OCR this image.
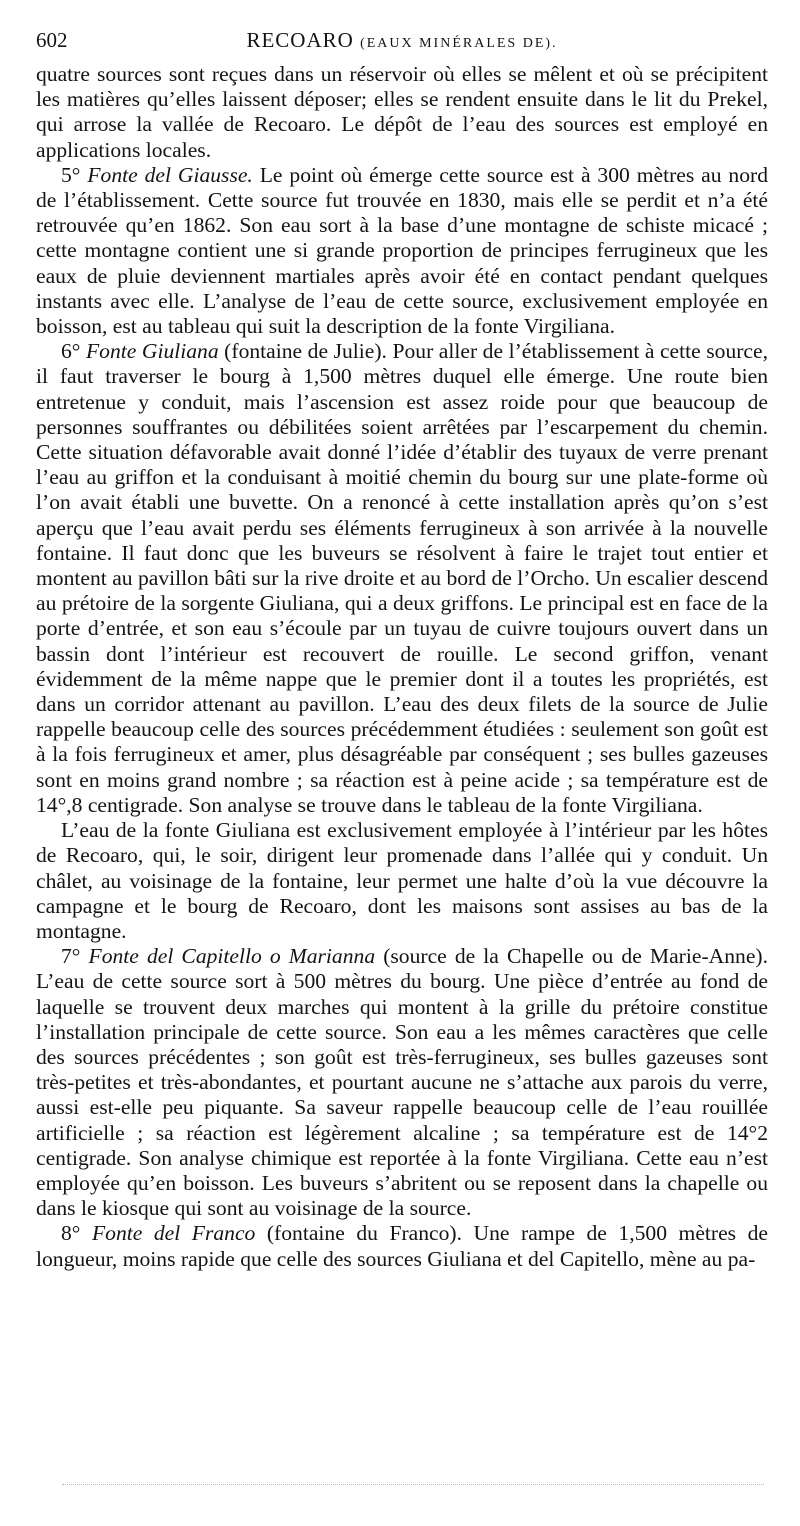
602	RECOARO (EAUX MINÉRALES DE).

quatre sources sont reçues dans un réservoir où elles se mêlent et où se précipitent les matières qu’elles laissent déposer; elles se rendent ensuite dans le lit du Prekel, qui arrose la vallée de Recoaro. Le dépôt de l’eau des sources est employé en applications locales.

5° Fonte del Giausse. Le point où émerge cette source est à 300 mètres au nord de l’établissement. Cette source fut trouvée en 1830, mais elle se perdit et n’a été retrouvée qu’en 1862. Son eau sort à la base d’une montagne de schiste micacé ; cette montagne contient une si grande proportion de principes ferrugineux que les eaux de pluie deviennent martiales après avoir été en contact pendant quelques instants avec elle. L’analyse de l’eau de cette source, exclusivement employée en boisson, est au tableau qui suit la description de la fonte Virgiliana.

6° Fonte Giuliana (fontaine de Julie). Pour aller de l’établissement à cette source, il faut traverser le bourg à 1,500 mètres duquel elle émerge. Une route bien entretenue y conduit, mais l’ascension est assez roide pour que beaucoup de personnes souffrantes ou débilitées soient arrêtées par l’escarpement du chemin. Cette situation défavorable avait donné l’idée d’établir des tuyaux de verre prenant l’eau au griffon et la conduisant à moitié chemin du bourg sur une plate-forme où l’on avait établi une buvette. On a renoncé à cette installation après qu’on s’est aperçu que l’eau avait perdu ses éléments ferrugineux à son arrivée à la nouvelle fontaine. Il faut donc que les buveurs se résolvent à faire le trajet tout entier et montent au pavillon bâti sur la rive droite et au bord de l’Orcho. Un escalier descend au prétoire de la sorgente Giuliana, qui a deux griffons. Le principal est en face de la porte d’entrée, et son eau s’écoule par un tuyau de cuivre toujours ouvert dans un bassin dont l’intérieur est recouvert de rouille. Le second griffon, venant évidemment de la même nappe que le premier dont il a toutes les propriétés, est dans un corridor attenant au pavillon. L’eau des deux filets de la source de Julie rappelle beaucoup celle des sources précédemment étudiées : seulement son goût est à la fois ferrugineux et amer, plus désagréable par conséquent ; ses bulles gazeuses sont en moins grand nombre ; sa réaction est à peine acide ; sa température est de 14°,8 centigrade. Son analyse se trouve dans le tableau de la fonte Virgiliana.

L’eau de la fonte Giuliana est exclusivement employée à l’intérieur par les hôtes de Recoaro, qui, le soir, dirigent leur promenade dans l’allée qui y conduit. Un châlet, au voisinage de la fontaine, leur permet une halte d’où la vue découvre la campagne et le bourg de Recoaro, dont les maisons sont assises au bas de la montagne.

7° Fonte del Capitello o Marianna (source de la Chapelle ou de Marie-Anne). L’eau de cette source sort à 500 mètres du bourg. Une pièce d’entrée au fond de laquelle se trouvent deux marches qui montent à la grille du prétoire constitue l’installation principale de cette source. Son eau a les mêmes caractères que celle des sources précédentes ; son goût est très-ferrugineux, ses bulles gazeuses sont très-petites et très-abondantes, et pourtant aucune ne s’attache aux parois du verre, aussi est-elle peu piquante. Sa saveur rappelle beaucoup celle de l’eau rouillée artificielle ; sa réaction est légèrement alcaline ; sa température est de 14°2 centigrade. Son analyse chimique est reportée à la fonte Virgiliana. Cette eau n’est employée qu’en boisson. Les buveurs s’abritent ou se reposent dans la chapelle ou dans le kiosque qui sont au voisinage de la source.

8° Fonte del Franco (fontaine du Franco). Une rampe de 1,500 mètres de longueur, moins rapide que celle des sources Giuliana et del Capitello, mène au pa-
